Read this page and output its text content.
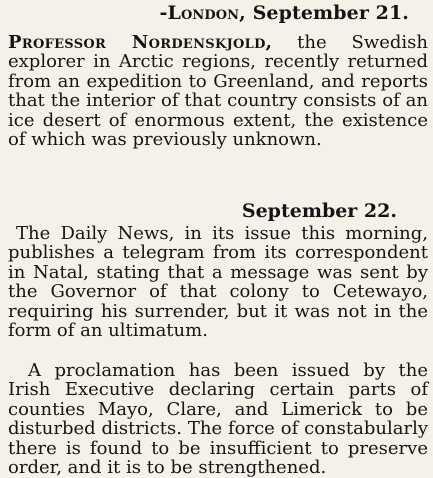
-London, September 21.
Professor Nordenskjold, the Swedish explorer in Arctic regions, recently returned from an expedition to Greenland, and reports that the interior of that country consists of an ice desert of enormous extent, the existence of which was previously unknown.
September 22.
The Daily News, in its issue this morning, publishes a telegram from its correspondent in Natal, stating that a message was sent by the Governor of that colony to Cetewayo, requiring his surrender, but it was not in the form of an ultimatum.
A proclamation has been issued by the Irish Executive declaring certain parts of counties Mayo, Clare, and Limerick to be disturbed districts. The force of constabularly there is found to be insufficient to preserve order, and it is to be strengthened.
